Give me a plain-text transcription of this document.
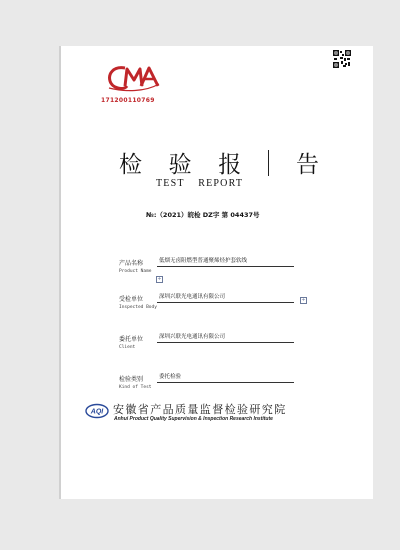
171200110769
检 验 报 告
TEST REPORT
№:（2021）皖检 DZ字 第 04437号
产品名称
Product Name
低烟无卤阻燃型普通聚烯烃护套软线
+
受检单位
Inspected Body
深圳兴联光电通讯有限公司	+
委托单位
Client
深圳兴联光电通讯有限公司
检验类别
Kind of Test
委托检验
AQI 安徽省产品质量监督检验研究院
Anhui Product Quality Supervision & Inspection Research Institute
